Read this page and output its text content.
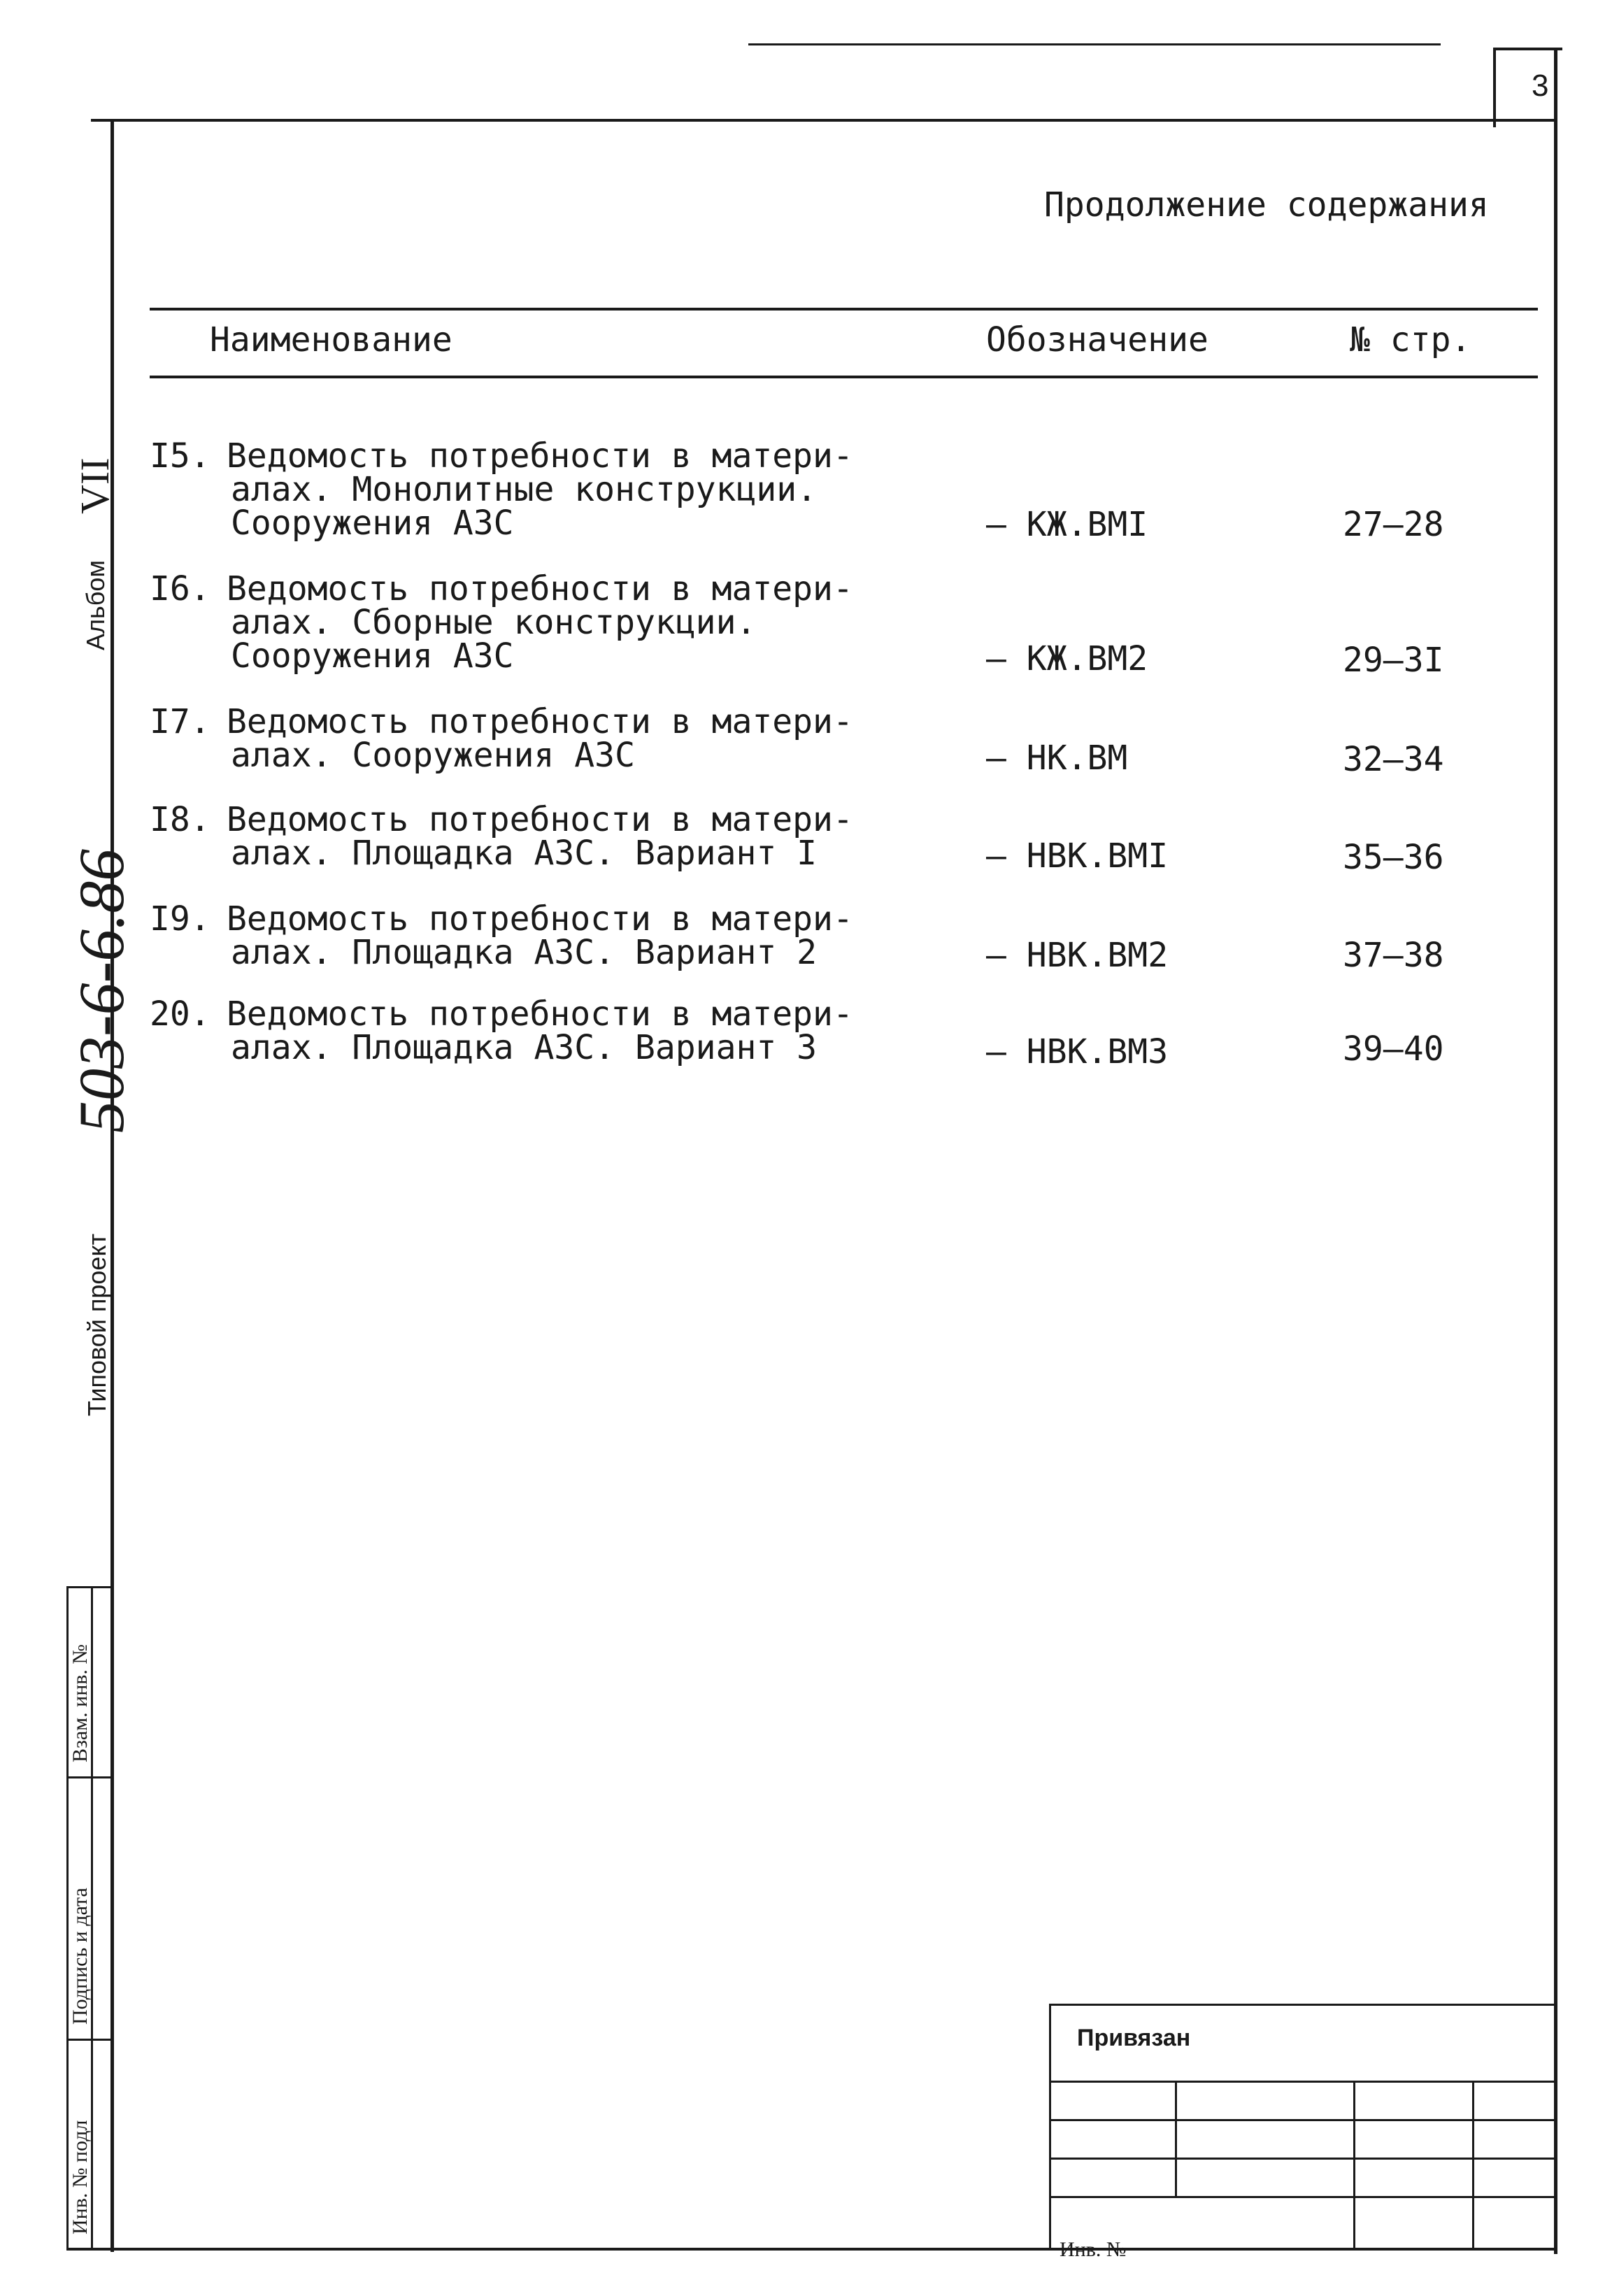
3
Продолжение содержания
Наименование	Обозначение	№ стр.
I5. Ведомость потребности в матери-
алах. Монолитные конструкции.
Сооружения АЗС	– КЖ.ВМI	27–28
I6. Ведомость потребности в матери-
алах. Сборные конструкции.
Сооружения АЗС	– КЖ.ВМ2	29–3I
I7. Ведомость потребности в матери-
алах. Сооружения АЗС	– НК.ВМ	32–34
I8. Ведомость потребности в матери-
алах. Площадка АЗС. Вариант I	– НВК.ВМI	35–36
I9. Ведомость потребности в матери-
алах. Площадка АЗС. Вариант 2	– НВК.ВМ2	37–38
20. Ведомость потребности в матери-
алах. Площадка АЗС. Вариант 3	– НВК.ВМ3	39–40
VII
Альбом
503-6-6.86
Типовой проект
Взам. инв. №
Подпись и дата
Инв. № подл
Привязан
Инв. №
